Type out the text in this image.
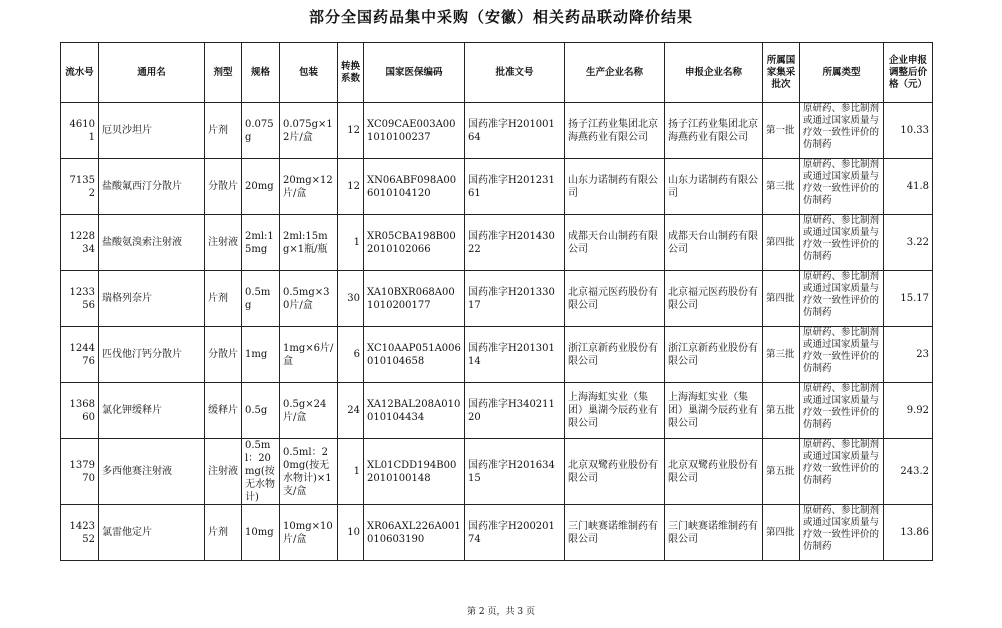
部分全国药品集中采购（安徽）相关药品联动降价结果
流水号	通用名	剂型	规格	包装	转换系数	国家医保编码	批准文号	生产企业名称	申报企业名称	所属国家集采批次	所属类型	企业申报调整后价格（元）
46101	厄贝沙坦片	片剂	0.075g	0.075g×12片/盒	12	XC09CAE003A001010100237	国药准字H20100164	扬子江药业集团北京海燕药业有限公司	扬子江药业集团北京海燕药业有限公司	第一批	原研药、参比制剂或通过国家质量与疗效一致性评价的仿制药	10.33
71352	盐酸氟西汀分散片	分散片	20mg	20mg×12片/盒	12	XN06ABF098A006010104120	国药准字H20123161	山东力诺制药有限公司	山东力诺制药有限公司	第三批	原研药、参比制剂或通过国家质量与疗效一致性评价的仿制药	41.8
122834	盐酸氨溴索注射液	注射液	2ml:15mg	2ml:15mg×1瓶/瓶	1	XR05CBA198B002010102066	国药准字H20143022	成都天台山制药有限公司	成都天台山制药有限公司	第四批	原研药、参比制剂或通过国家质量与疗效一致性评价的仿制药	3.22
123356	瑞格列奈片	片剂	0.5mg	0.5mg×30片/盒	30	XA10BXR068A001010200177	国药准字H20133017	北京福元医药股份有限公司	北京福元医药股份有限公司	第四批	原研药、参比制剂或通过国家质量与疗效一致性评价的仿制药	15.17
124476	匹伐他汀钙分散片	分散片	1mg	1mg×6片/盒	6	XC10AAP051A006010104658	国药准字H20130114	浙江京新药业股份有限公司	浙江京新药业股份有限公司	第三批	原研药、参比制剂或通过国家质量与疗效一致性评价的仿制药	23
136860	氯化钾缓释片	缓释片	0.5g	0.5g×24片/盒	24	XA12BAL208A010010104434	国药准字H34021120	上海海虹实业（集团）巢湖今辰药业有限公司	上海海虹实业（集团）巢湖今辰药业有限公司	第五批	原研药、参比制剂或通过国家质量与疗效一致性评价的仿制药	9.92
137970	多西他赛注射液	注射液	0.5ml：20mg(按无水物计)	0.5ml：20mg(按无水物计)×1支/盒	1	XL01CDD194B002010100148	国药准字H20163415	北京双鹭药业股份有限公司	北京双鹭药业股份有限公司	第五批	原研药、参比制剂或通过国家质量与疗效一致性评价的仿制药	243.2
142352	氯雷他定片	片剂	10mg	10mg×10片/盒	10	XR06AXL226A001010603190	国药准字H20020174	三门峡赛诺维制药有限公司	三门峡赛诺维制药有限公司	第四批	原研药、参比制剂或通过国家质量与疗效一致性评价的仿制药	13.86
第 2 页，共 3 页
